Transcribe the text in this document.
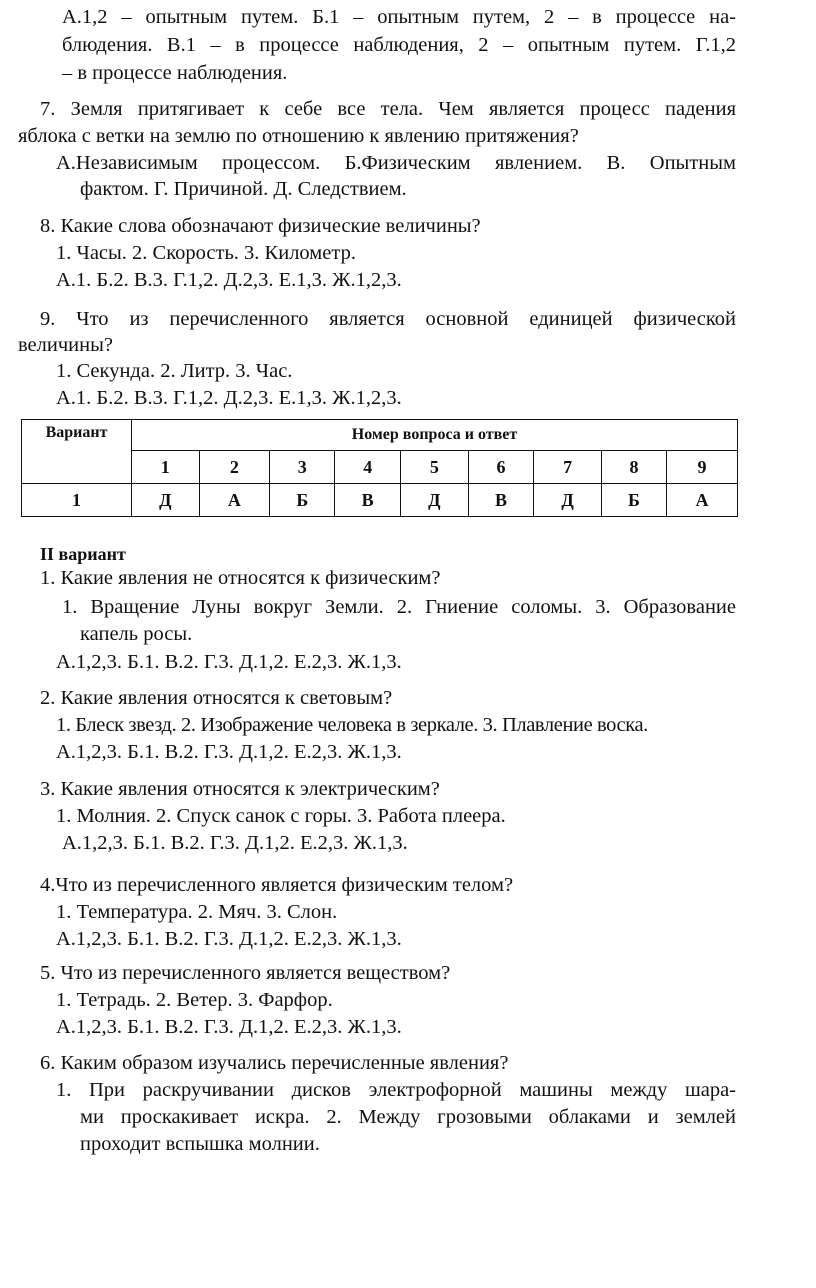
А.1,2 – опытным путем. Б.1 – опытным путем, 2 – в процессе на-
блюдения. В.1 – в процессе наблюдения, 2 – опытным путем. Г.1,2
– в процессе наблюдения.
7. Земля притягивает к себе все тела. Чем является процесс падения
яблока с ветки на землю по отношению к явлению притяжения?
А.Независимым процессом. Б.Физическим явлением. В. Опытным
фактом. Г. Причиной. Д. Следствием.
8. Какие слова обозначают физические величины?
1. Часы. 2. Скорость. 3. Километр.
А.1. Б.2. В.3. Г.1,2. Д.2,3. Е.1,3. Ж.1,2,3.
9. Что из перечисленного является основной единицей физической
величины?
1. Секунда. 2. Литр. 3. Час.
А.1. Б.2. В.3. Г.1,2. Д.2,3. Е.1,3. Ж.1,2,3.
Вариант	Номер вопроса и ответ								
	1	2	3	4	5	6	7	8	9
1	Д	А	Б	В	Д	В	Д	Б	А
II вариант
1. Какие явления не относятся к физическим?
1. Вращение Луны вокруг Земли. 2. Гниение соломы. 3. Образование
капель росы.
А.1,2,3. Б.1. В.2. Г.3. Д.1,2. Е.2,3. Ж.1,3.
2. Какие явления относятся к световым?
1. Блеск звезд. 2. Изображение человека в зеркале. 3. Плавление воска.
А.1,2,3. Б.1. В.2. Г.3. Д.1,2. Е.2,3. Ж.1,3.
3. Какие явления относятся к электрическим?
1. Молния. 2. Спуск санок с горы. 3. Работа плеера.
А.1,2,3. Б.1. В.2. Г.3. Д.1,2. Е.2,3. Ж.1,3.
4.Что из перечисленного является физическим телом?
1. Температура. 2. Мяч. 3. Слон.
А.1,2,3. Б.1. В.2. Г.3. Д.1,2. Е.2,3. Ж.1,3.
5. Что из перечисленного является веществом?
1. Тетрадь. 2. Ветер. 3. Фарфор.
А.1,2,3. Б.1. В.2. Г.3. Д.1,2. Е.2,3. Ж.1,3.
6. Каким образом изучались перечисленные явления?
1. При раскручивании дисков электрофорной машины между шара-
ми проскакивает искра. 2. Между грозовыми облаками и землей
проходит вспышка молнии.
